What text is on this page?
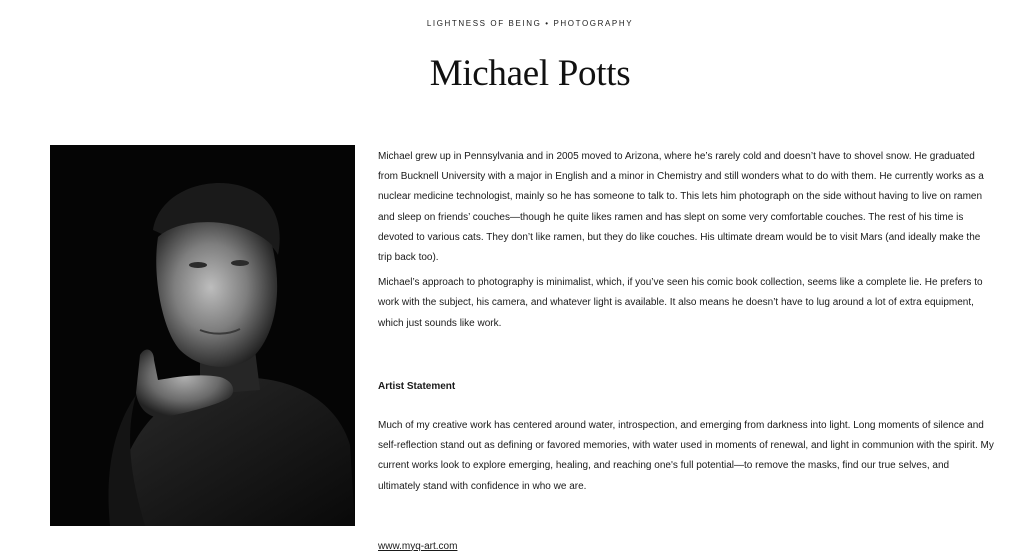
LIGHTNESS OF BEING • PHOTOGRAPHY
Michael Potts

Michael grew up in Pennsylvania and in 2005 moved to Arizona, where he’s rarely cold and doesn’t have to shovel snow. He graduated from Bucknell University with a major in English and a minor in Chemistry and still wonders what to do with them. He currently works as a nuclear medicine technologist, mainly so he has someone to talk to. This lets him photograph on the side without having to live on ramen and sleep on friends’ couches—though he quite likes ramen and has slept on some very comfortable couches. The rest of his time is devoted to various cats. They don’t like ramen, but they do like couches. His ultimate dream would be to visit Mars (and ideally make the trip back too).

Michael’s approach to photography is minimalist, which, if you’ve seen his comic book collection, seems like a complete lie. He prefers to work with the subject, his camera, and whatever light is available. It also means he doesn’t have to lug around a lot of extra equipment, which just sounds like work.

Artist Statement

Much of my creative work has centered around water, introspection, and emerging from darkness into light. Long moments of silence and self-reflection stand out as defining or favored memories, with water used in moments of renewal, and light in communion with the spirit. My current works look to explore emerging, healing, and reaching one's full potential—to remove the masks, find our true selves, and ultimately stand with confidence in who we are.

www.myq-art.com
